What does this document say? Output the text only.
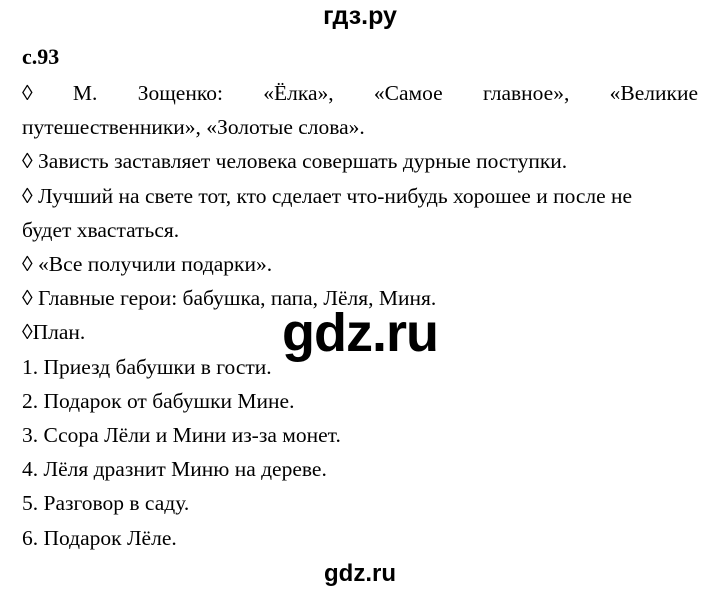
гдз.ру
с.93
◊ М. Зощенко: «Ёлка», «Самое главное», «Великие
путешественники», «Золотые слова».
◊ Зависть заставляет человека совершать дурные поступки.
◊ Лучший на свете тот, кто сделает что-нибудь хорошее и после не
будет хвастаться.
◊ «Все получили подарки».
◊ Главные герои: бабушка, папа, Лёля, Миня.
◊План.
1. Приезд бабушки в гости.
2. Подарок от бабушки Мине.
3. Ссора Лёли и Мини из-за монет.
4. Лёля дразнит Миню на дереве.
5. Разговор в саду.
6. Подарок Лёле.
gdz.ru
gdz.ru
